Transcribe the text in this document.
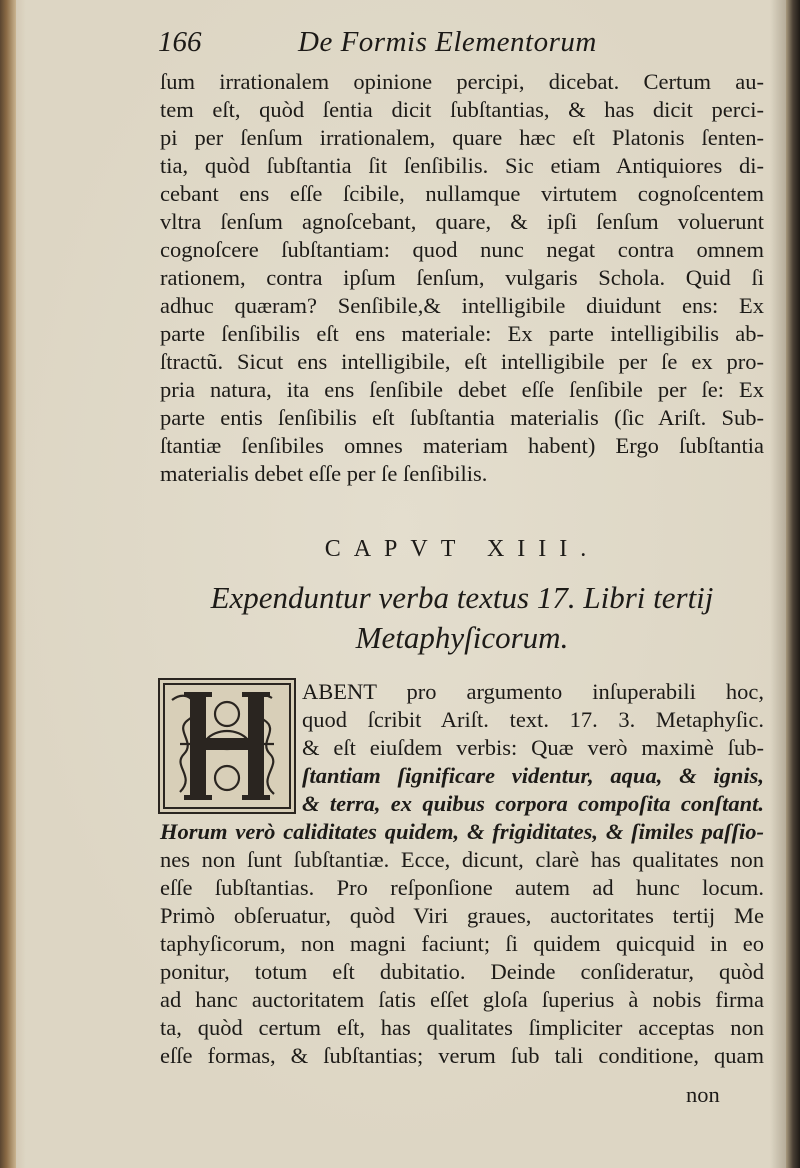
166	De Formis Elementorum
ſum irrationalem opinione percipi, dicebat. Certum au-
tem eſt, quòd ſentia dicit ſubſtantias, & has dicit perci-
pi per ſenſum irrationalem, quare hæc eſt Platonis ſenten-
tia, quòd ſubſtantia ſit ſenſibilis. Sic etiam Antiquiores di-
cebant ens eſſe ſcibile, nullamque virtutem cognoſcentem
vltra ſenſum agnoſcebant, quare, & ipſi ſenſum voluerunt
cognoſcere ſubſtantiam: quod nunc negat contra omnem
rationem, contra ipſum ſenſum, vulgaris Schola. Quid ſi
adhuc quæram? Senſibile,& intelligibile diuidunt ens: Ex
parte ſenſibilis eſt ens materiale: Ex parte intelligibilis ab-
ſtractũ. Sicut ens intelligibile, eſt intelligibile per ſe ex pro-
pria natura, ita ens ſenſibile debet eſſe ſenſibile per ſe: Ex
parte entis ſenſibilis eſt ſubſtantia materialis (ſic Ariſt. Sub-
ſtantiæ ſenſibiles omnes materiam habent) Ergo ſubſtantia
materialis debet eſſe per ſe ſenſibilis.
CAPVT XIII.
Expenduntur verba textus 17. Libri tertij
Metaphyſicorum.
ABENT pro argumento inſuperabili hoc,
quod ſcribit Ariſt. text. 17. 3. Metaphyſic.
& eſt eiuſdem verbis: Quæ verò maximè ſub-
ſtantiam ſignificare videntur, aqua, & ignis,
& terra, ex quibus corpora compoſita conſtant.
Horum verò caliditates quidem, & frigiditates, & ſimiles paſſio-
nes non ſunt ſubſtantiæ. Ecce, dicunt, clarè has qualitates non
eſſe ſubſtantias. Pro reſponſione autem ad hunc locum.
Primò obſeruatur, quòd Viri graues, auctoritates tertij Me
taphyſicorum, non magni faciunt; ſi quidem quicquid in eo
ponitur, totum eſt dubitatio. Deinde conſideratur, quòd
ad hanc auctoritatem ſatis eſſet gloſa ſuperius à nobis firma
ta, quòd certum eſt, has qualitates ſimpliciter acceptas non
eſſe formas, & ſubſtantias; verum ſub tali conditione, quam
non
